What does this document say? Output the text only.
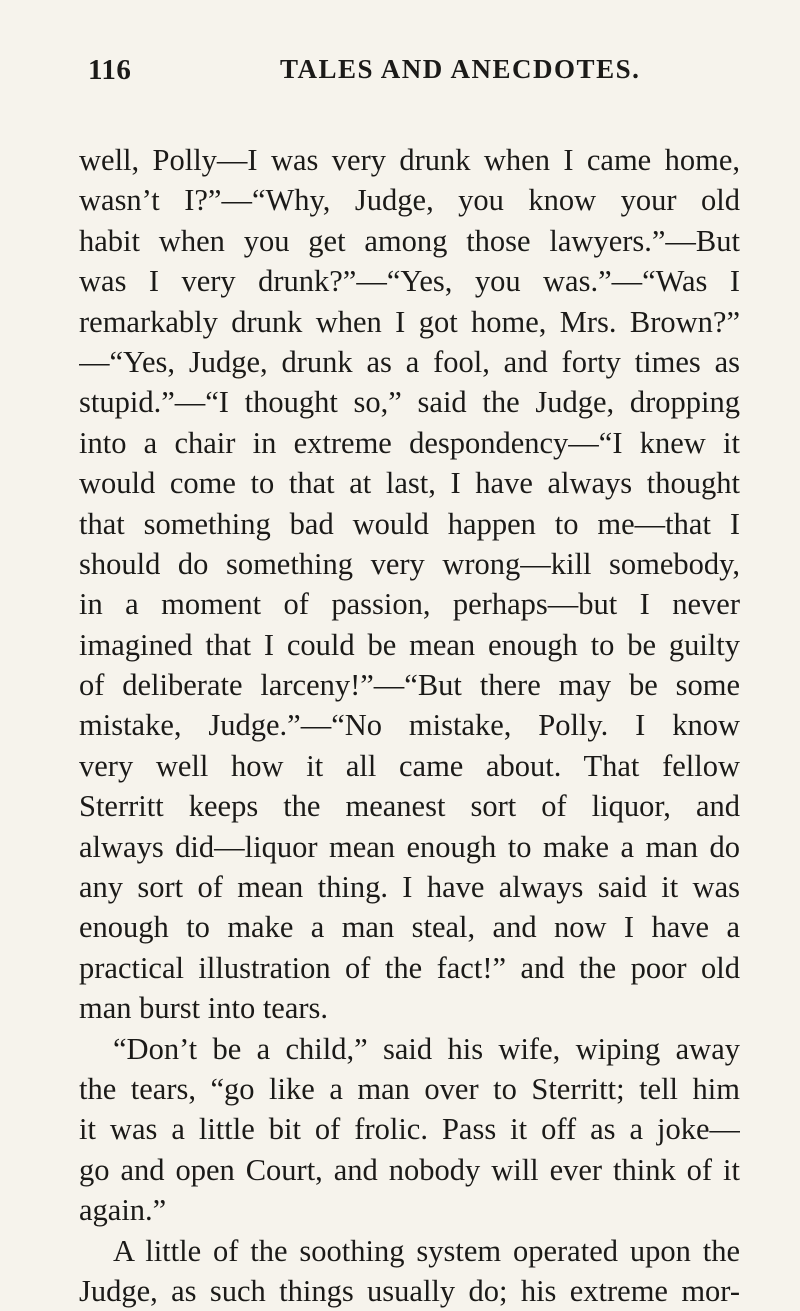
116	TALES AND ANECDOTES.
well, Polly—I was very drunk when I came home,
wasn’t I?”—“Why, Judge, you know your old
habit when you get among those lawyers.”—But
was I very drunk?”—“Yes, you was.”—“Was I
remarkably drunk when I got home, Mrs. Brown?”
—“Yes, Judge, drunk as a fool, and forty times as
stupid.”—“I thought so,” said the Judge, dropping
into a chair in extreme despondency—“I knew it
would come to that at last, I have always thought
that something bad would happen to me—that I
should do something very wrong—kill somebody,
in a moment of passion, perhaps—but I never
imagined that I could be mean enough to be guilty
of deliberate larceny!”—“But there may be some
mistake, Judge.”—“No mistake, Polly. I know
very well how it all came about. That fellow
Sterritt keeps the meanest sort of liquor, and
always did—liquor mean enough to make a man do
any sort of mean thing. I have always said it was
enough to make a man steal, and now I have a
practical illustration of the fact!” and the poor old
man burst into tears.
“Don’t be a child,” said his wife, wiping away
the tears, “go like a man over to Sterritt; tell him
it was a little bit of frolic. Pass it off as a joke—
go and open Court, and nobody will ever think of it
again.”
A little of the soothing system operated upon the
Judge, as such things usually do; his extreme mor-
